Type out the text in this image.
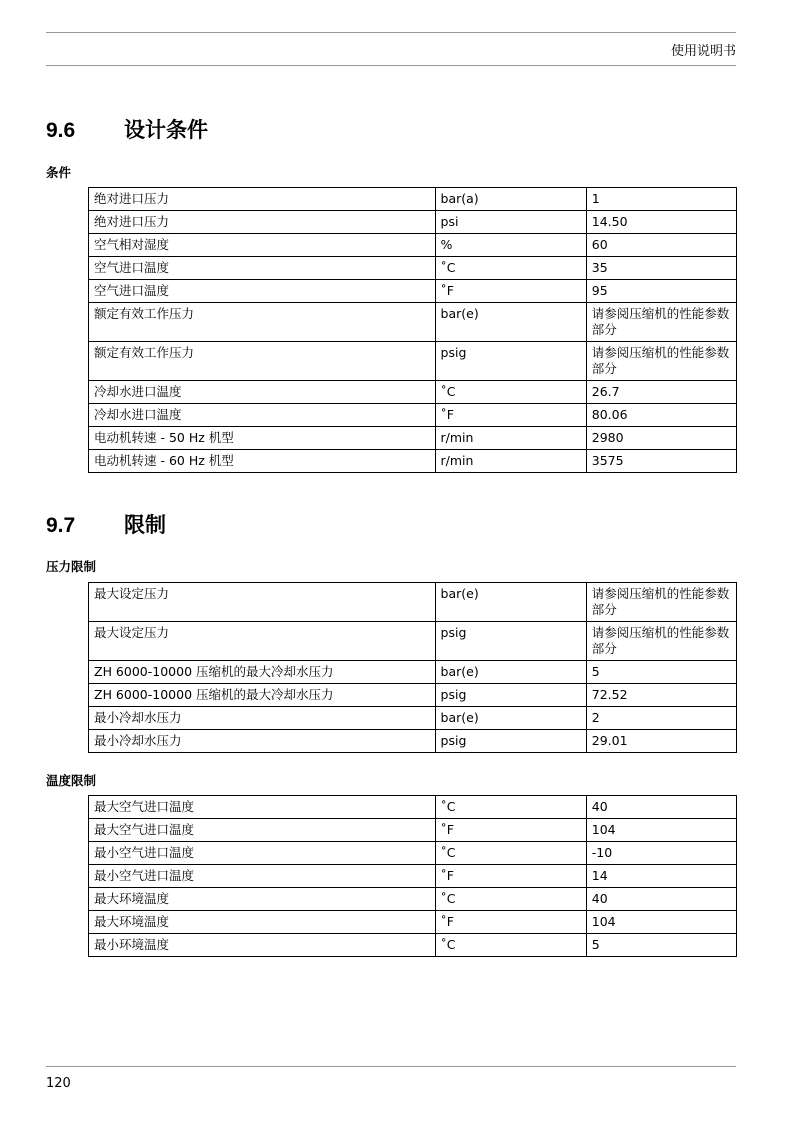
使用说明书
9.6 设计条件
条件
绝对进口压力	bar(a)	1
绝对进口压力	psi	14.50
空气相对湿度	%	60
空气进口温度	˚C	35
空气进口温度	˚F	95
额定有效工作压力	bar(e)	请参阅压缩机的性能参数部分
额定有效工作压力	psig	请参阅压缩机的性能参数部分
冷却水进口温度	˚C	26.7
冷却水进口温度	˚F	80.06
电动机转速 - 50 Hz 机型	r/min	2980
电动机转速 - 60 Hz 机型	r/min	3575
9.7 限制
压力限制
最大设定压力	bar(e)	请参阅压缩机的性能参数部分
最大设定压力	psig	请参阅压缩机的性能参数部分
ZH 6000-10000 压缩机的最大冷却水压力	bar(e)	5
ZH 6000-10000 压缩机的最大冷却水压力	psig	72.52
最小冷却水压力	bar(e)	2
最小冷却水压力	psig	29.01
温度限制
最大空气进口温度	˚C	40
最大空气进口温度	˚F	104
最小空气进口温度	˚C	-10
最小空气进口温度	˚F	14
最大环境温度	˚C	40
最大环境温度	˚F	104
最小环境温度	˚C	5
120
